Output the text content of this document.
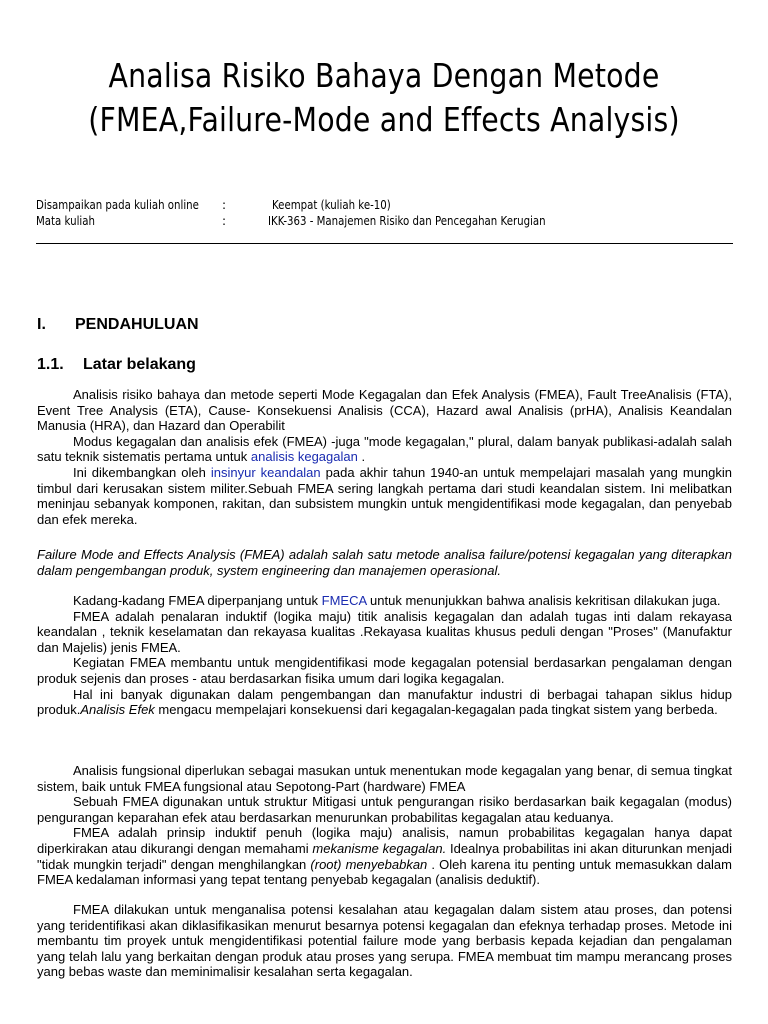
Analisa Risiko Bahaya Dengan Metode
(FMEA,Failure-Mode and Effects Analysis)
Disampaikan pada kuliah online :	Keempat (kuliah ke-10)
Mata kuliah	:	IKK-363 - Manajemen Risiko dan Pencegahan Kerugian
I. PENDAHULUAN
1.1. Latar belakang

Analisis risiko bahaya dan metode seperti Mode Kegagalan dan Efek Analysis (FMEA), Fault TreeAnalisis (FTA), Event Tree Analysis (ETA), Cause- Konsekuensi Analisis (CCA), Hazard awal Analisis (prHA), Analisis Keandalan Manusia (HRA), dan Hazard dan Operabilit

Modus kegagalan dan analisis efek (FMEA) -juga "mode kegagalan," plural, dalam banyak publikasi-adalah salah satu teknik sistematis pertama untuk analisis kegagalan .

Ini dikembangkan oleh insinyur keandalan pada akhir tahun 1940-an untuk mempelajari masalah yang mungkin timbul dari kerusakan sistem militer.Sebuah FMEA sering langkah pertama dari studi keandalan sistem. Ini melibatkan meninjau sebanyak komponen, rakitan, dan subsistem mungkin untuk mengidentifikasi mode kegagalan, dan penyebab dan efek mereka.

Failure Mode and Effects Analysis (FMEA) adalah salah satu metode analisa failure/potensi kegagalan yang diterapkan dalam pengembangan produk, system engineering dan manajemen operasional.

Kadang-kadang FMEA diperpanjang untuk FMECA untuk menunjukkan bahwa analisis kekritisan dilakukan juga.

FMEA adalah penalaran induktif (logika maju) titik analisis kegagalan dan adalah tugas inti dalam rekayasa keandalan , teknik keselamatan dan rekayasa kualitas .Rekayasa kualitas khusus peduli dengan "Proses" (Manufaktur dan Majelis) jenis FMEA.

Kegiatan FMEA membantu untuk mengidentifikasi mode kegagalan potensial berdasarkan pengalaman dengan produk sejenis dan proses - atau berdasarkan fisika umum dari logika kegagalan.

Hal ini banyak digunakan dalam pengembangan dan manufaktur industri di berbagai tahapan siklus hidup produk.Analisis Efek mengacu mempelajari konsekuensi dari kegagalan-kegagalan pada tingkat sistem yang berbeda.

Analisis fungsional diperlukan sebagai masukan untuk menentukan mode kegagalan yang benar, di semua tingkat sistem, baik untuk FMEA fungsional atau Sepotong-Part (hardware) FMEA

Sebuah FMEA digunakan untuk struktur Mitigasi untuk pengurangan risiko berdasarkan baik kegagalan (modus) pengurangan keparahan efek atau berdasarkan menurunkan probabilitas kegagalan atau keduanya.

FMEA adalah prinsip induktif penuh (logika maju) analisis, namun probabilitas kegagalan hanya dapat diperkirakan atau dikurangi dengan memahami mekanisme kegagalan. Idealnya probabilitas ini akan diturunkan menjadi "tidak mungkin terjadi" dengan menghilangkan (root) menyebabkan . Oleh karena itu penting untuk memasukkan dalam FMEA kedalaman informasi yang tepat tentang penyebab kegagalan (analisis deduktif).

FMEA dilakukan untuk menganalisa potensi kesalahan atau kegagalan dalam sistem atau proses, dan potensi yang teridentifikasi akan diklasifikasikan menurut besarnya potensi kegagalan dan efeknya terhadap proses. Metode ini membantu tim proyek untuk mengidentifikasi potential failure mode yang berbasis kepada kejadian dan pengalaman yang telah lalu yang berkaitan dengan produk atau proses yang serupa. FMEA membuat tim mampu merancang proses yang bebas waste dan meminimalisir kesalahan serta kegagalan.
